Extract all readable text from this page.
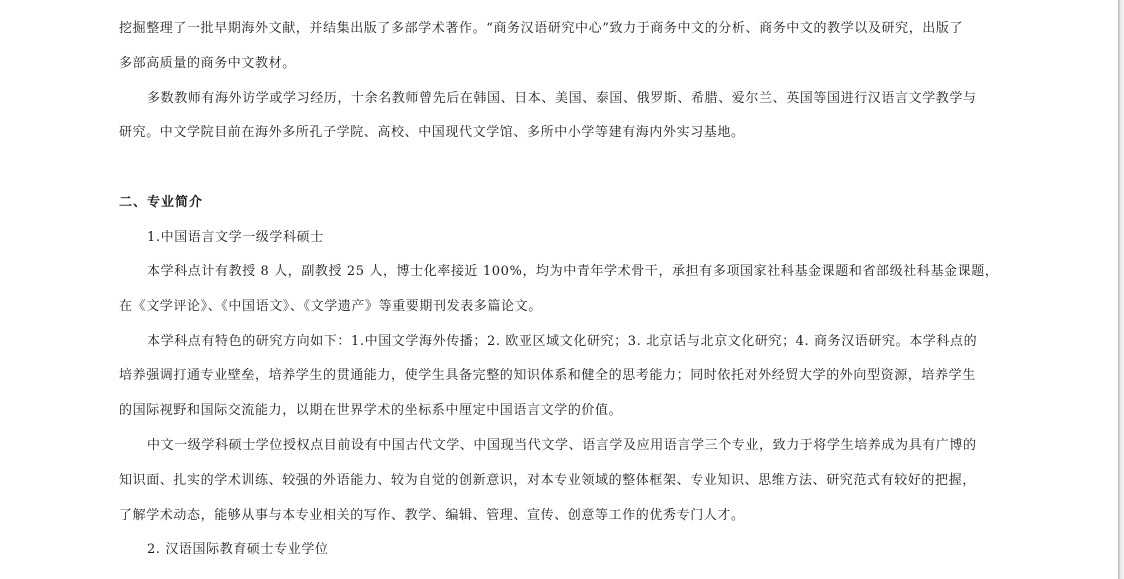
挖掘整理了一批早期海外文献，并结集出版了多部学术著作。“商务汉语研究中心”致力于商务中文的分析、商务中文的教学以及研究，出版了
多部高质量的商务中文教材。
多数教师有海外访学或学习经历，十余名教师曾先后在韩国、日本、美国、泰国、俄罗斯、希腊、爱尔兰、英国等国进行汉语言文学教学与
研究。中文学院目前在海外多所孔子学院、高校、中国现代文学馆、多所中小学等建有海内外实习基地。
二、专业简介
1.中国语言文学一级学科硕士
本学科点计有教授 8 人，副教授 25 人，博士化率接近 100%，均为中青年学术骨干，承担有多项国家社科基金课题和省部级社科基金课题，
在《文学评论》、《中国语文》、《文学遗产》等重要期刊发表多篇论文。
本学科点有特色的研究方向如下：1.中国文学海外传播；2. 欧亚区域文化研究；3. 北京话与北京文化研究；4. 商务汉语研究。本学科点的
培养强调打通专业壁垒，培养学生的贯通能力，使学生具备完整的知识体系和健全的思考能力；同时依托对外经贸大学的外向型资源，培养学生
的国际视野和国际交流能力，以期在世界学术的坐标系中厘定中国语言文学的价值。
中文一级学科硕士学位授权点目前设有中国古代文学、中国现当代文学、语言学及应用语言学三个专业，致力于将学生培养成为具有广博的
知识面、扎实的学术训练、较强的外语能力、较为自觉的创新意识，对本专业领域的整体框架、专业知识、思维方法、研究范式有较好的把握，
了解学术动态，能够从事与本专业相关的写作、教学、编辑、管理、宣传、创意等工作的优秀专门人才。
2. 汉语国际教育硕士专业学位
